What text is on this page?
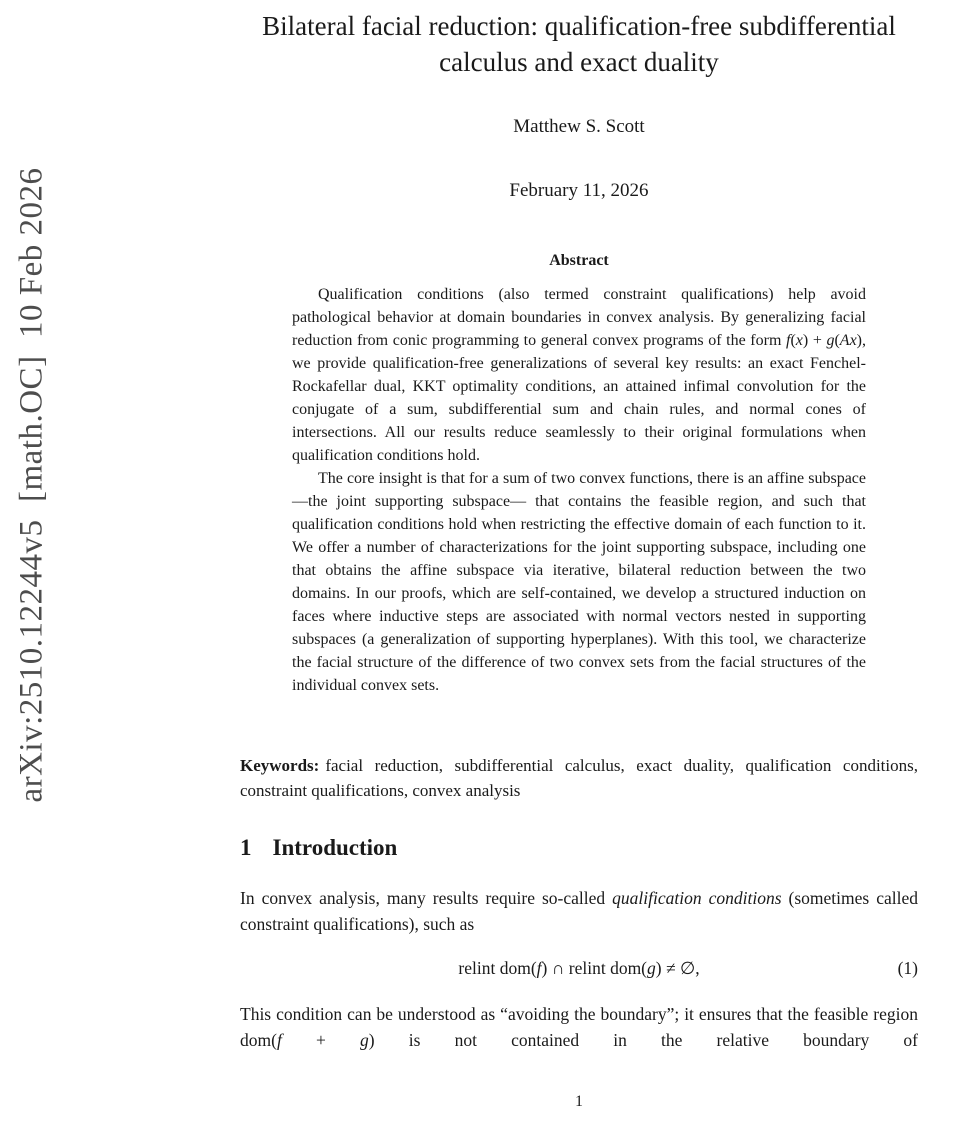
arXiv:2510.12244v5  [math.OC]  10 Feb 2026
Bilateral facial reduction: qualification-free subdifferential calculus and exact duality
Matthew S. Scott
February 11, 2026
Abstract

Qualification conditions (also termed constraint qualifications) help avoid pathological behavior at domain boundaries in convex analysis. By generalizing facial reduction from conic programming to general convex programs of the form f(x) + g(Ax), we provide qualification-free generalizations of several key results: an exact Fenchel-Rockafellar dual, KKT optimality conditions, an attained infimal convolution for the conjugate of a sum, subdifferential sum and chain rules, and normal cones of intersections. All our results reduce seamlessly to their original formulations when qualification conditions hold.

The core insight is that for a sum of two convex functions, there is an affine subspace—the joint supporting subspace— that contains the feasible region, and such that qualification conditions hold when restricting the effective domain of each function to it. We offer a number of characterizations for the joint supporting subspace, including one that obtains the affine subspace via iterative, bilateral reduction between the two domains. In our proofs, which are self-contained, we develop a structured induction on faces where inductive steps are associated with normal vectors nested in supporting subspaces (a generalization of supporting hyperplanes). With this tool, we characterize the facial structure of the difference of two convex sets from the facial structures of the individual convex sets.

Keywords: facial reduction, subdifferential calculus, exact duality, qualification conditions, constraint qualifications, convex analysis

1 Introduction

In convex analysis, many results require so-called qualification conditions (sometimes called constraint qualifications), such as

relint dom(f) ∩ relint dom(g) ≠ ∅,	(1)

This condition can be understood as “avoiding the boundary”; it ensures that the feasible region dom(f + g) is not contained in the relative boundary of

1
